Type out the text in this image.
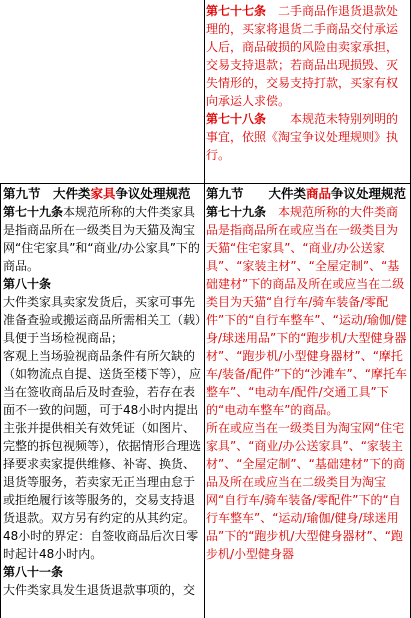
第七十七条　二手商品作退货退款处理的，买家将退货二手商品交付承运人后，商品破损的风险由卖家承担，交易支持退款；若商品出现损毁、灭失情形的，交易支持打款，买家有权向承运人求偿。

第七十八条　　本规范未特别列明的事宜，依照《淘宝争议处理规则》执行。

第九节　大件类家具争议处理规范

第七十九条本规范所称的大件类家具是指商品所在一级类目为天猫及淘宝网“住宅家具”和“商业/办公家具”下的商品。

第八十条

大件类家具卖家发货后，买家可事先准备查验或搬运商品所需相关工（载）具便于当场检视商品；

客观上当场验视商品条件有所欠缺的（如物流点自提、送货至楼下等），应当在签收商品后及时查验，若存在表面不一致的问题，可于48小时内提出主张并提供相关有效凭证（如图片、完整的拆包视频等），依据情形合理选择要求卖家提供维修、补寄、换货、退货等服务，若卖家无正当理由怠于或拒绝履行该等服务的，交易支持退货退款。双方另有约定的从其约定。

48小时的界定：自签收商品后次日零时起计48小时内。

第八十一条

大件类家具发生退货退款事项的，交

第九节　　大件类商品争议处理规范

第七十九条　本规范所称的大件类商品是指商品所在或应当在一级类目为天猫“住宅家具”、“商业/办公送家具”、“家装主材”、“全屋定制”、“基础建材”下的商品及所在或应当在二级类目为天猫“自行车/骑车装备/零配件”下的“自行车整车”、“运动/瑜伽/健身/球迷用品”下的“跑步机/大型健身器材”、“跑步机/小型健身器材”、“摩托车/装备/配件”下的“沙滩车”、“摩托车整车”、“电动车/配件/交通工具”下的“电动车整车”的商品。

所在或应当在一级类目为淘宝网“住宅家具”、“商业/办公送家具”、“家装主材”、“全屋定制”、“基础建材”下的商品及所在或应当在二级类目为淘宝网“自行车/骑车装备/零配件”下的“自行车整车”、“运动/瑜伽/健身/球迷用品”下的“跑步机/大型健身器材”、“跑步机/小型健身器
